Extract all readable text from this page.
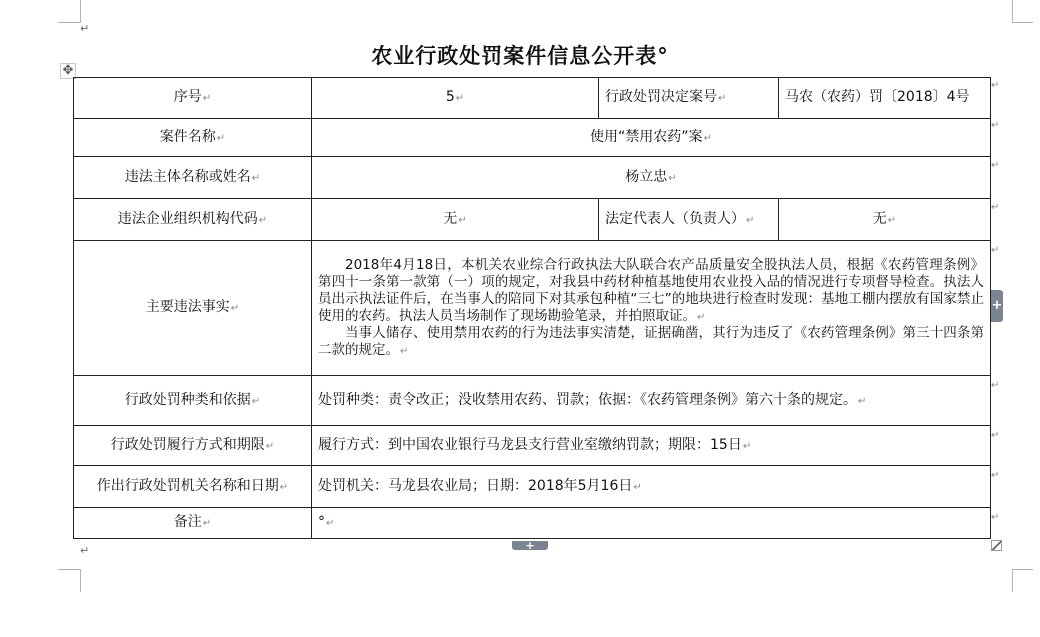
↵
↵
农业行政处罚案件信息公开表°
✥
序号↵	5↵	行政处罚决定案号↵	马农（农药）罚〔2018〕4号
案件名称↵	使用“禁用农药”案↵		
违法主体名称或姓名↵	杨立忠↵		
违法企业组织机构代码↵	无↵	法定代表人（负责人）↵	无↵
主要违法事实↵	2018年4月18日，本机关农业综合行政执法大队联合农产品质量安全股执法人员，根据《农药管理条例》第四十一条第一款第（一）项的规定，对我县中药材种植基地使用农业投入品的情况进行专项督导检查。执法人员出示执法证件后，在当事人的陪同下对其承包种植“三七”的地块进行检查时发现：基地工棚内摆放有国家禁止使用的农药。执法人员当场制作了现场勘验笔录，并拍照取证。↵

当事人储存、使用禁用农药的行为违法事实清楚，证据确凿，其行为违反了《农药管理条例》第三十四条第二款的规定。↵		

行政处罚种类和依据↵	处罚种类：责令改正；没收禁用农药、罚款；依据：《农药管理条例》第六十条的规定。↵		
行政处罚履行方式和期限↵	履行方式：到中国农业银行马龙县支行营业室缴纳罚款；期限：15日↵		
作出行政处罚机关名称和日期↵	处罚机关：马龙县农业局；日期：2018年5月16日↵		
备注↵	°↵		
↵
↵
↵
↵
↵
↵
↵
↵
↵
+
+
